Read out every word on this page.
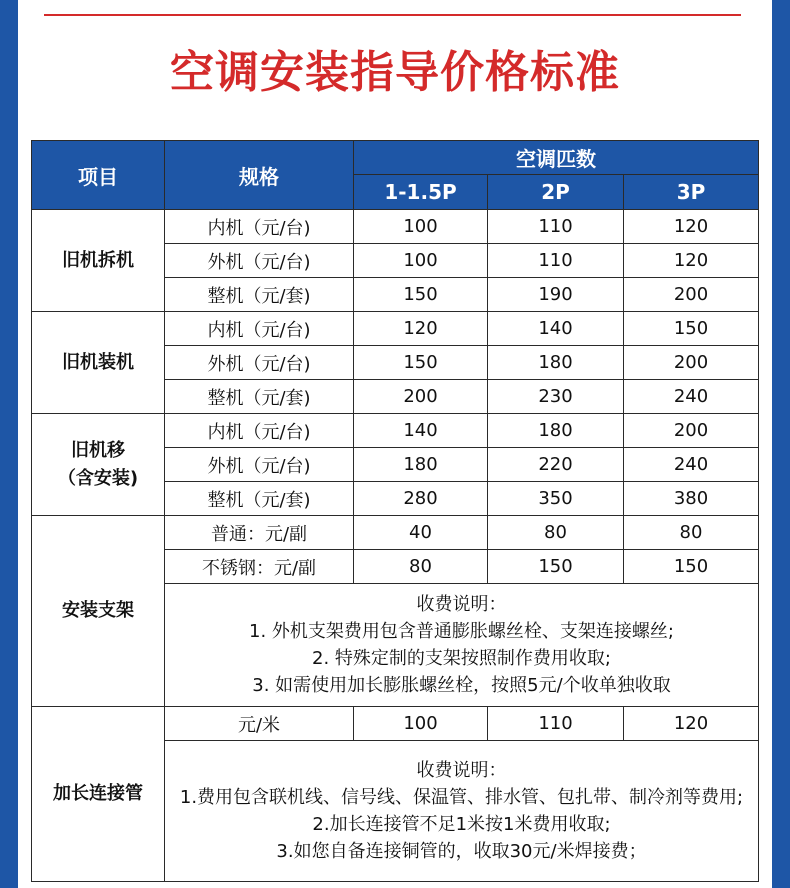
空调安装指导价格标准
项目	规格	空调匹数		
		1-1.5P	2P	3P
旧机拆机	内机（元/台)	100	110	120
	外机（元/台)	100	110	120
	整机（元/套)	150	190	200
旧机装机	内机（元/台)	120	140	150
	外机（元/台)	150	180	200
	整机（元/套)	200	230	240

旧机移
（含安装)	内机（元/台)	140	180	200
	外机（元/台)	180	220	240
	整机（元/套)	280	350	380
安装支架	普通：元/副	40	80	80
	不锈钢：元/副	80	150	150

	收费说明：
1. 外机支架费用包含普通膨胀螺丝栓、支架连接螺丝;
2. 特殊定制的支架按照制作费用收取;
3. 如需使用加长膨胀螺丝栓，按照5元/个收单独收取			

加长连接管	元/米	100	110	120

	收费说明：
1.费用包含联机线、信号线、保温管、排水管、包扎带、制冷剂等费用;
2.加长连接管不足1米按1米费用收取;
3.如您自备连接铜管的，收取30元/米焊接费；			
